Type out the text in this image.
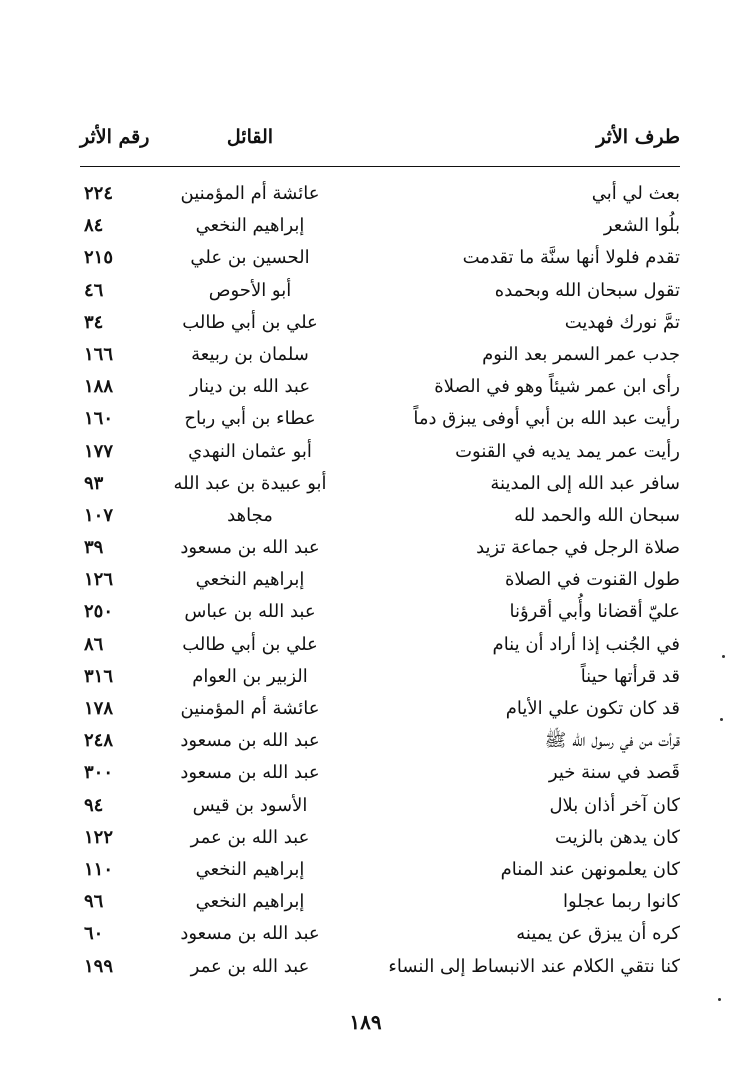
طرف الأثر
القائل
رقم الأثر
بعث لي أبي
عائشة أم المؤمنين
٢٢٤
بلُوا الشعر
إبراهيم النخعي
٨٤
تقدم فلولا أنها سنَّة ما تقدمت
الحسين بن علي
٢١٥
تقول سبحان الله وبحمده
أبو الأحوص
٤٦
تمَّ نورك فهديت
علي بن أبي طالب
٣٤
جدب عمر السمر بعد النوم
سلمان بن ربيعة
١٦٦
رأى ابن عمر شيئاً وهو في الصلاة
عبد الله بن دينار
١٨٨
رأيت عبد الله بن أبي أوفى يبزق دماً
عطاء بن أبي رباح
١٦٠
رأيت عمر يمد يديه في القنوت
أبو عثمان النهدي
١٧٧
سافر عبد الله إلى المدينة
أبو عبيدة بن عبد الله
٩٣
سبحان الله والحمد لله
مجاهد
١٠٧
صلاة الرجل في جماعة تزيد
عبد الله بن مسعود
٣٩
طول القنوت في الصلاة
إبراهيم النخعي
١٢٦
عليّ أقضانا وأُبي أقرؤنا
عبد الله بن عباس
٢٥٠
في الجُنب إذا أراد أن ينام
علي بن أبي طالب
٨٦
قد قرأتها حيناً
الزبير بن العوام
٣١٦
قد كان تكون علي الأيام
عائشة أم المؤمنين
١٧٨
قرأت من في رسول الله ﷺ
عبد الله بن مسعود
٢٤٨
قَصد في سنة خير
عبد الله بن مسعود
٣٠٠
كان آخر أذان بلال
الأسود بن قيس
٩٤
كان يدهن بالزيت
عبد الله بن عمر
١٢٢
كان يعلمونهن عند المنام
إبراهيم النخعي
١١٠
كانوا ربما عجلوا
إبراهيم النخعي
٩٦
كره أن يبزق عن يمينه
عبد الله بن مسعود
٦٠
كنا نتقي الكلام عند الانبساط إلى النساء
عبد الله بن عمر
١٩٩
١٨٩
